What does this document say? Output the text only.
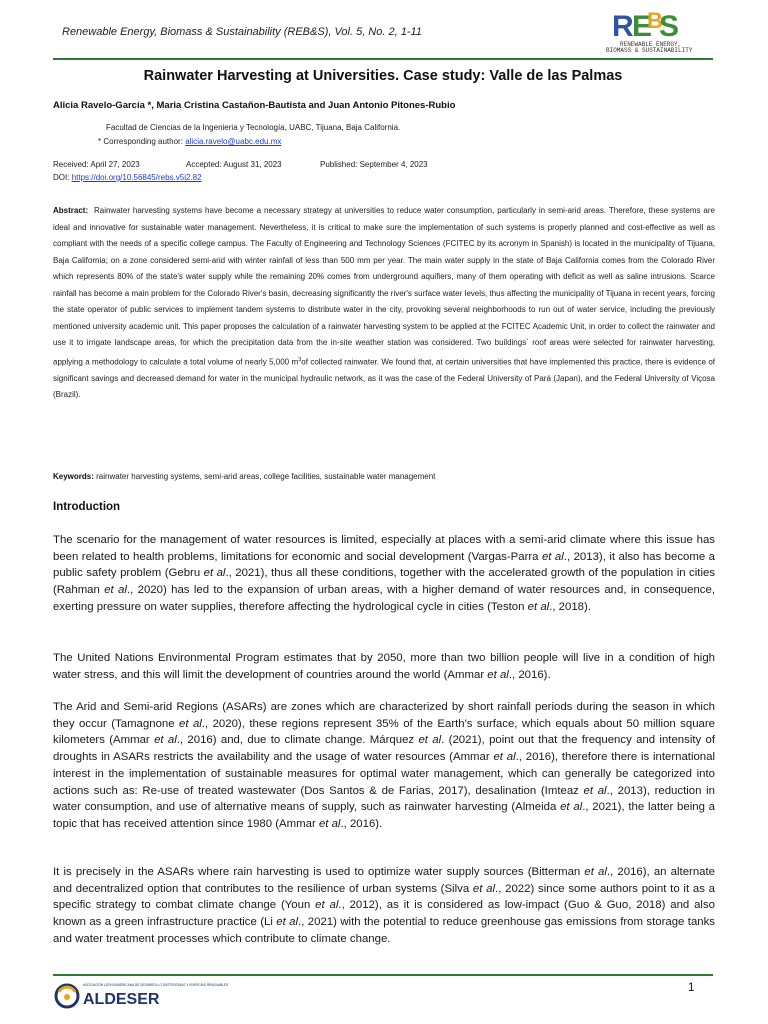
Renewable Energy, Biomass & Sustainability (REB&S), Vol. 5, No. 2, 1-11	R
E
B
S
RENEWABLE ENERGY,
BIOMASS & SUSTAINABILITY
Rainwater Harvesting at Universities. Case study: Valle de las Palmas
Alicia Ravelo-García *, Maria Cristina Castañon-Bautista and Juan Antonio Pitones-Rubio
Facultad de Ciencias de la Ingenieria y Tecnología, UABC, Tijuana, Baja California.
* Corresponding author: alicia.ravelo@uabc.edu.mx
Received: April 27, 2023	Accepted: August 31, 2023	Published: September 4, 2023
DOI: https://doi.org/10.56845/rebs.v5i2.82

Abstract: Rainwater harvesting systems have become a necessary strategy at universities to reduce water consumption, particularly in semi-arid areas. Therefore, these systems are ideal and innovative for sustainable water management. Nevertheless, it is critical to make sure the implementation of such systems is properly planned and cost-effective as well as compliant with the needs of a specific college campus. The Faculty of Engineering and Technology Sciences (FCITEC by its acronym in Spanish) is located in the municipality of Tijuana, Baja California; on a zone considered semi-arid with winter rainfall of less than 500 mm per year. The main water supply in the state of Baja California comes from the Colorado River which represents 80% of the state's water supply while the remaining 20% comes from underground aquifiers, many of them operating with deficit as well as saline intrusions. Scarce rainfall has become a main problem for the Colorado River's basin, decreasing significantly the river's surface water levels, thus affecting the municipality of Tijuana in recent years, forcing the state operator of public services to implement tandem systems to distribute water in the city, provoking several neighborhoods to run out of water service, including the previously mentioned university academic unit. This paper proposes the calculation of a rainwater harvesting system to be applied at the FCITEC Academic Unit, in order to collect the rainwater and use it to irrigate landscape areas, for which the precipitation data from the in-site weather station was considered. Two buildings´ roof areas were selected for rainwater harvesting, applying a methodology to calculate a total volume of nearly 5,000 $m^3of$ collected rainwater. We found that, at certain universities that have implemented this practice, there is evidence of significant savings and decreased demand for water in the municipal hydraulic network, as it was the case of the Federal University of Pará (Japan), and the Federal University of Viçosa (Brazil).

Keywords: rainwater harvesting systems, semi-arid areas, college facilities, sustainable water management
Introduction

The scenario for the management of water resources is limited, especially at places with a semi-arid climate where this issue has been related to health problems, limitations for economic and social development (Vargas-Parra et al., 2013), it also has become a public safety problem (Gebru et al., 2021), thus all these conditions, together with the accelerated growth of the population in cities (Rahman et al., 2020) has led to the expansion of urban areas, with a higher demand of water resources and, in consequence, exerting pressure on water supplies, therefore affecting the hydrological cycle in cities (Teston et al., 2018).

The United Nations Environmental Program estimates that by 2050, more than two billion people will live in a condition of high water stress, and this will limit the development of countries around the world (Ammar et al., 2016).

The Arid and Semi-arid Regions (ASARs) are zones which are characterized by short rainfall periods during the season in which they occur (Tamagnone et al., 2020), these regions represent 35% of the Earth's surface, which equals about 50 million square kilometers (Ammar et al., 2016) and, due to climate change. Márquez et al. (2021), point out that the frequency and intensity of droughts in ASARs restricts the availability and the usage of water resources (Ammar et al., 2016), therefore there is international interest in the implementation of sustainable measures for optimal water management, which can generally be categorized into actions such as: Re-use of treated wastewater (Dos Santos & de Farias, 2017), desalination (Imteaz et al., 2013), reduction in water consumption, and use of alternative means of supply, such as rainwater harvesting (Almeida et al., 2021), the latter being a topic that has received attention since 1980 (Ammar et al., 2016).

It is precisely in the ASARs where rain harvesting is used to optimize water supply sources (Bitterman et al., 2016), an alternate and decentralized option that contributes to the resilience of urban systems (Silva et al., 2022) since some authors point to it as a specific strategy to combat climate change (Youn et al., 2012), as it is considered as low-impact (Guo & Guo, 2018) and also known as a green infrastructure practice (Li et al., 2021) with the potential to reduce greenhouse gas emissions from storage tanks and water treatment processes which contribute to climate change.

ASOCIACIÓN LATINOAMERICANA DE DESARROLLO SUSTENTABLE Y ENERGÍAS RENOVABLES
ALDESER
1
